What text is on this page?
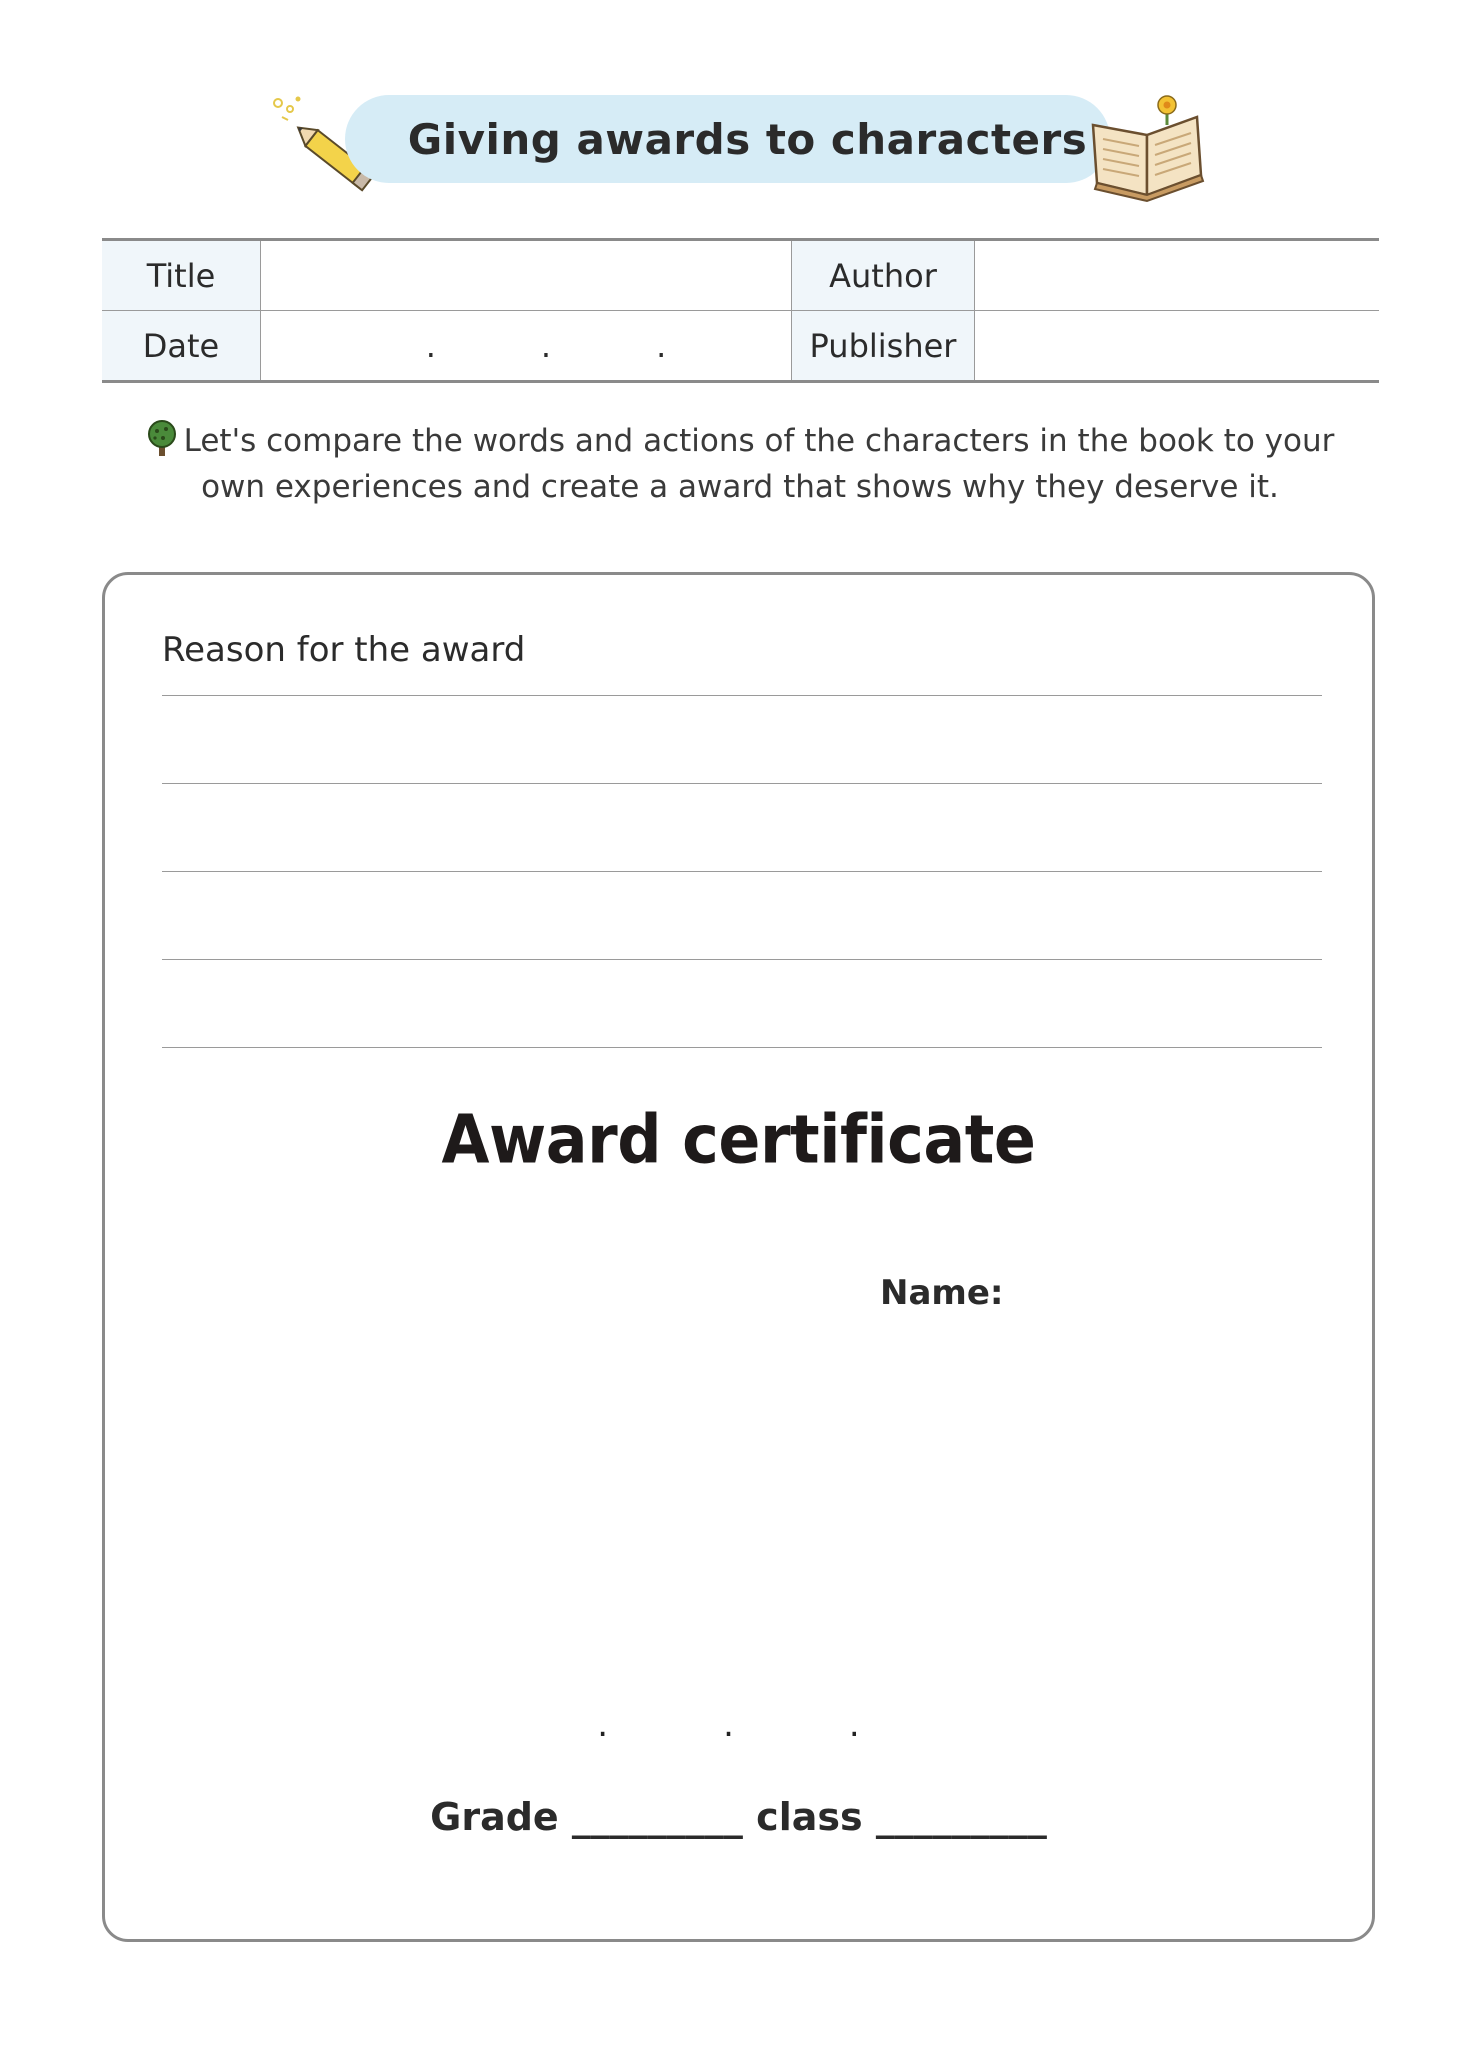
Giving awards to characters
Title		Author	
Date	. . .	Publisher	
Let's compare the words and actions of the characters in the book to your own experiences and create a award that shows why they deserve it.
Reason for the award
Award certificate
Name:
.	.	.
Grade _________ class _________
